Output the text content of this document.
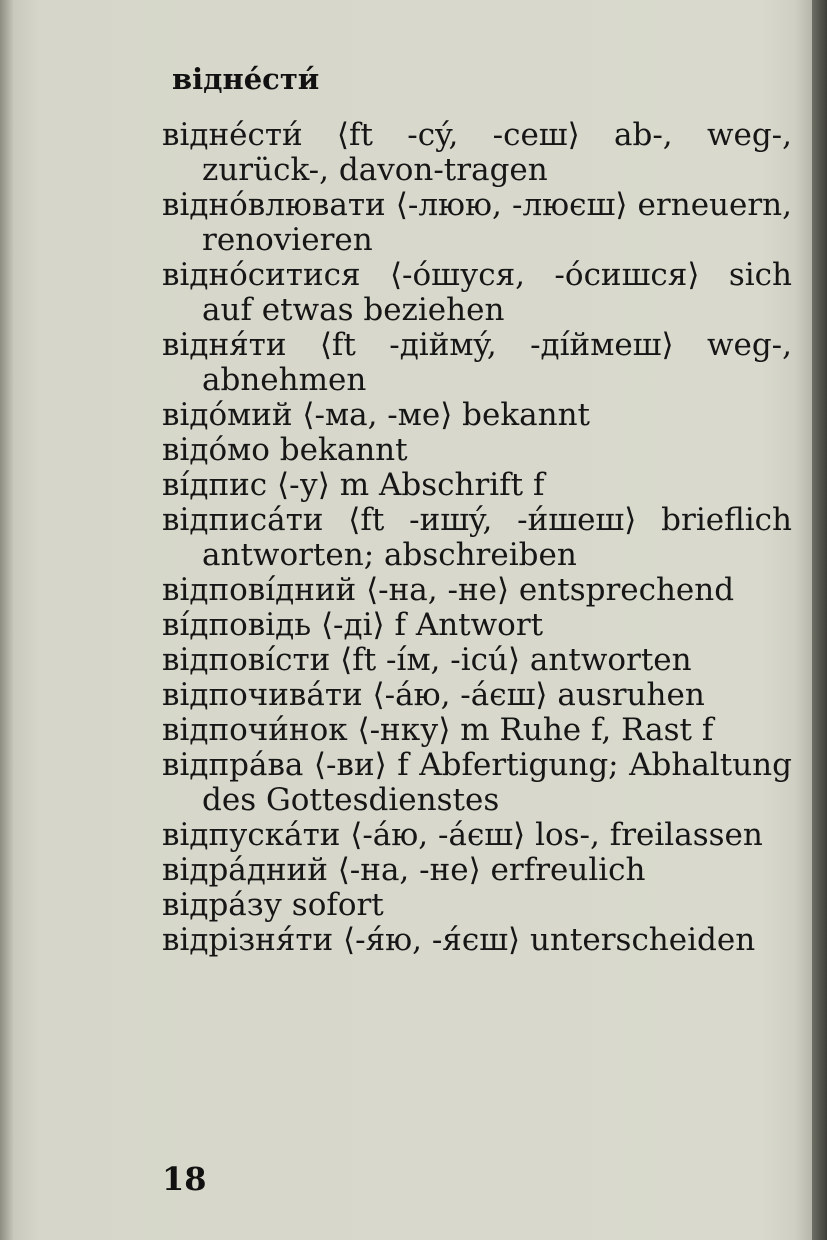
віднéсти́

віднéсти́ ⟨ft -сý, -сеш⟩ ab-, weg-, zurück-, davon-tragen

віднóвлювати ⟨-люю, -люєш⟩ erneuern, renovieren

віднóситися ⟨-óшуся, -óсишся⟩ sich auf etwas beziehen

відня́ти ⟨ft -діймý, -ді́ймеш⟩ weg-, abnehmen

відóмий ⟨-ма, -ме⟩ bekannt

відóмо bekannt

ві́дпис ⟨-у⟩ m Abschrift f

відписáти ⟨ft -ишý, -и́шеш⟩ brieflich antworten; abschreiben

відпові́дний ⟨-на, -не⟩ entsprechend

ві́дповідь ⟨-ді⟩ f Antwort

відповíсти ⟨ft -íм, -ісú⟩ antworten

відпочивáти ⟨-áю, -áєш⟩ ausruhen

відпочи́нок ⟨-нку⟩ m Ruhe f, Rast f

відпрáва ⟨-ви⟩ f Abfertigung; Abhaltung des Gottesdienstes

відпускáти ⟨-áю, -áєш⟩ los-, freilassen

відрáдний ⟨-на, -не⟩ erfreulich

відрáзу sofort

відрізня́ти ⟨-я́ю, -я́єш⟩ unterscheiden

18
